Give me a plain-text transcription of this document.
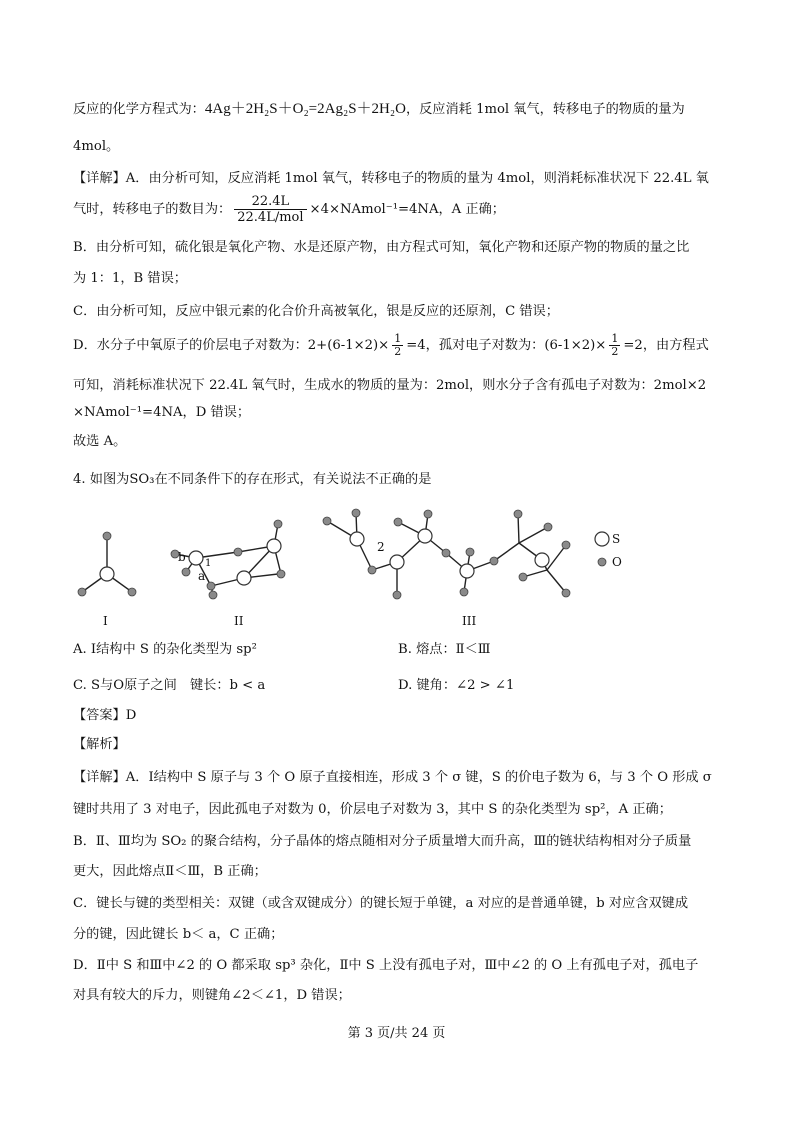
反应的化学方程式为：4Ag＋2H₂S＋O₂=2Ag₂S＋2H₂O，反应消耗 1mol 氧气，转移电子的物质的量为
4mol。
【详解】A．由分析可知，反应消耗 1mol 氧气，转移电子的物质的量为 4mol，则消耗标准状况下 22.4L 氧
气时，转移电子的数目为： $\frac{22.4L}{\text{22.4L/mol}}$ ×4×NAmol⁻¹=4NA，A 正确；
B．由分析可知，硫化银是氧化产物、水是还原产物，由方程式可知，氧化产物和还原产物的物质的量之比
为 1：1，B 错误；
C．由分析可知，反应中银元素的化合价升高被氧化，银是反应的还原剂，C 错误；
D．水分子中氧原子的价层电子对数为：$2+(6-1\times 2)\times \frac{1}{2} =4$，孤对电子对数为：$(6-1\times 2)\times \frac{1}{2} =2$，由方程式
可知，消耗标准状况下 22.4L 氧气时，生成水的物质的量为：2mol，则水分子含有孤电子对数为：2mol×2
×NAmol⁻¹=4NA，D 错误；
故选 A。
4. 如图为SO₃在不同条件下的存在形式，有关说法不正确的是
b
a
1
2
S
O
I	II	III
A. Ⅰ结构中 S 的杂化类型为 sp²	B. 熔点：Ⅱ＜Ⅲ
C. S与O原子之间　键长：b < a	D. 键角：∠2 > ∠1
【答案】D
【解析】
【详解】A．Ⅰ结构中 S 原子与 3 个 O 原子直接相连，形成 3 个 σ 键，S 的价电子数为 6，与 3 个 O 形成 σ
键时共用了 3 对电子，因此孤电子对数为 0，价层电子对数为 3，其中 S 的杂化类型为 sp²，A 正确；
B．Ⅱ、Ⅲ均为 SO₂ 的聚合结构，分子晶体的熔点随相对分子质量增大而升高，Ⅲ的链状结构相对分子质量
更大，因此熔点Ⅱ＜Ⅲ，B 正确；
C．键长与键的类型相关：双键（或含双键成分）的键长短于单键，a 对应的是普通单键，b 对应含双键成
分的键，因此键长 b＜ a，C 正确；
D．Ⅱ中 S 和Ⅲ中∠2 的 O 都采取 sp³ 杂化，Ⅱ中 S 上没有孤电子对，Ⅲ中∠2 的 O 上有孤电子对，孤电子
对具有较大的斥力，则键角∠2＜∠1，D 错误；
第 3 页/共 24 页
